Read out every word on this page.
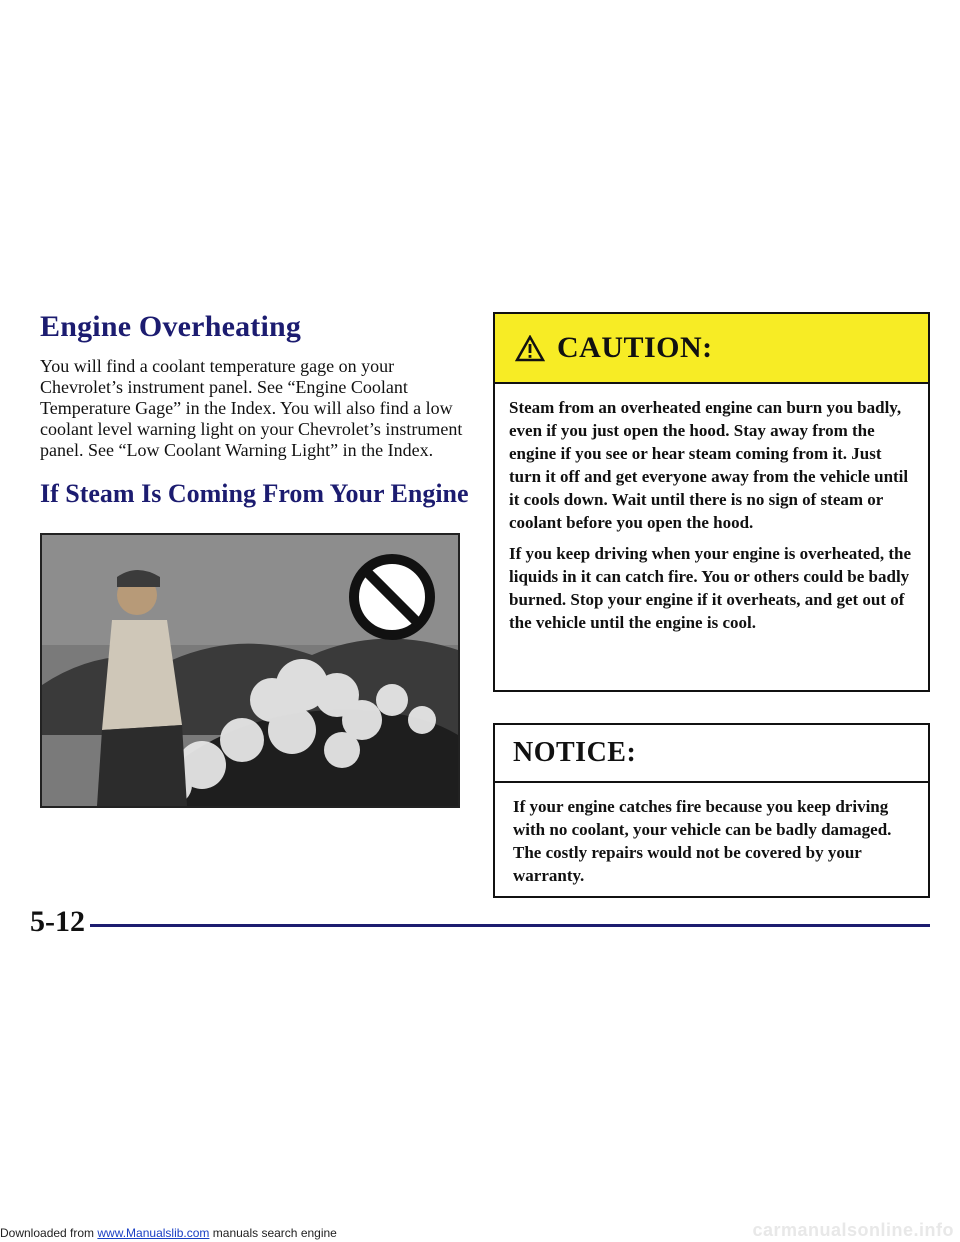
Engine Overheating

You will find a coolant temperature gage on your Chevrolet’s instrument panel. See “Engine Coolant Temperature Gage” in the Index. You will also find a low coolant level warning light on your Chevrolet’s instrument panel. See “Low Coolant Warning Light” in the Index.

If Steam Is Coming From Your Engine
CAUTION:

Steam from an overheated engine can burn you badly, even if you just open the hood. Stay away from the engine if you see or hear steam coming from it. Just turn it off and get everyone away from the vehicle until it cools down. Wait until there is no sign of steam or coolant before you open the hood.

If you keep driving when your engine is overheated, the liquids in it can catch fire. You or others could be badly burned. Stop your engine if it overheats, and get out of the vehicle until the engine is cool.

NOTICE:

If your engine catches fire because you keep driving with no coolant, your vehicle can be badly damaged. The costly repairs would not be covered by your warranty.

5-12
Downloaded from www.Manualslib.com manuals search engine	carmanualsonline.info
